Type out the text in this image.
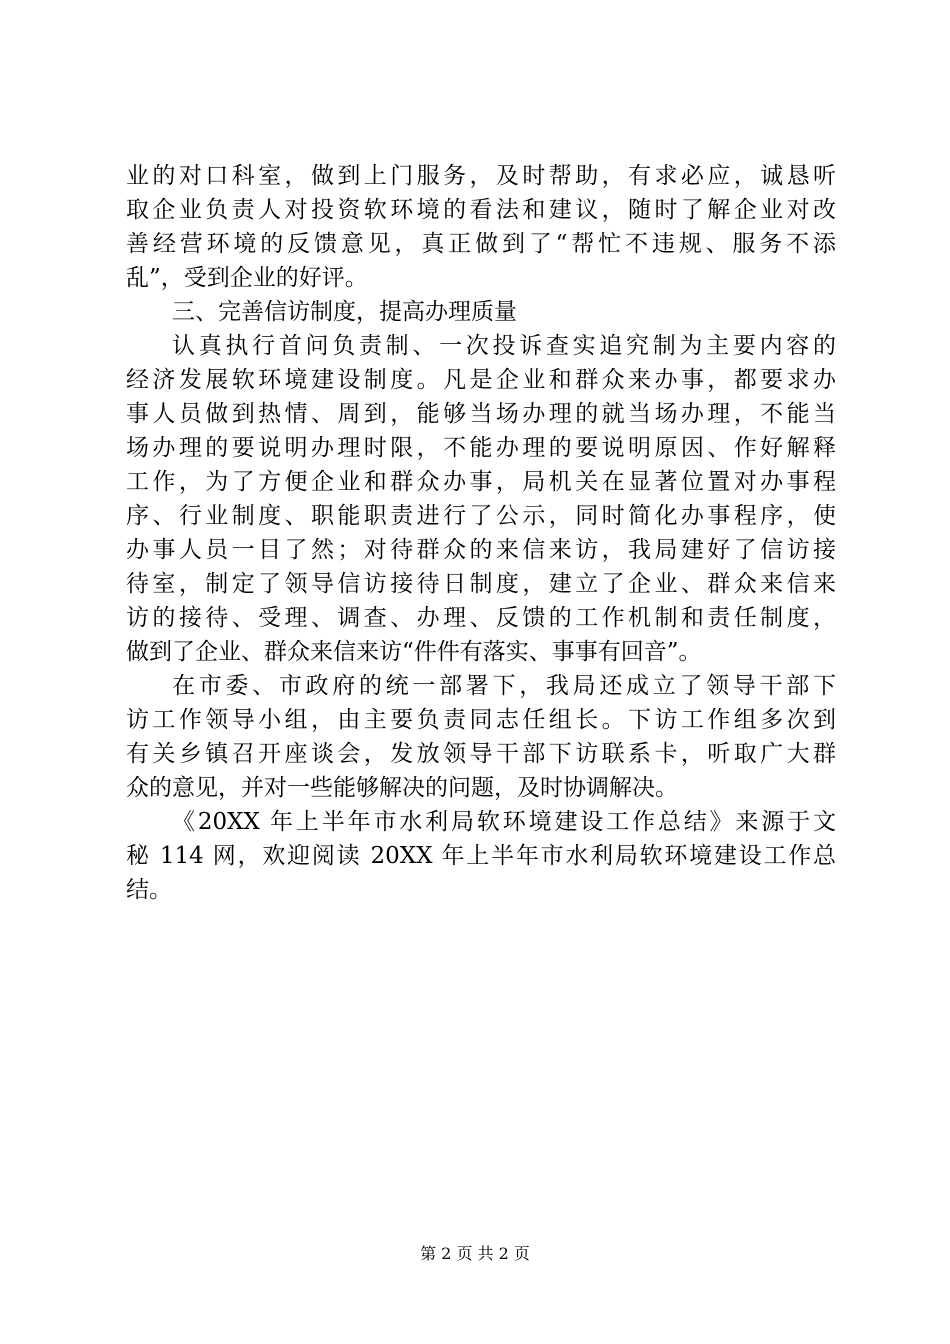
业的对口科室，做到上门服务，及时帮助，有求必应，诚恳听
取企业负责人对投资软环境的看法和建议，随时了解企业对改
善经营环境的反馈意见，真正做到了“帮忙不违规、服务不添
乱”，受到企业的好评。
三、完善信访制度，提高办理质量
认真执行首问负责制、一次投诉查实追究制为主要内容的
经济发展软环境建设制度。凡是企业和群众来办事，都要求办
事人员做到热情、周到，能够当场办理的就当场办理，不能当
场办理的要说明办理时限，不能办理的要说明原因、作好解释
工作，为了方便企业和群众办事，局机关在显著位置对办事程
序、行业制度、职能职责进行了公示，同时简化办事程序，使
办事人员一目了然；对待群众的来信来访，我局建好了信访接
待室，制定了领导信访接待日制度，建立了企业、群众来信来
访的接待、受理、调查、办理、反馈的工作机制和责任制度，
做到了企业、群众来信来访“件件有落实、事事有回音”。
在市委、市政府的统一部署下，我局还成立了领导干部下
访工作领导小组，由主要负责同志任组长。下访工作组多次到
有关乡镇召开座谈会，发放领导干部下访联系卡，听取广大群
众的意见，并对一些能够解决的问题，及时协调解决。
《20XX 年上半年市水利局软环境建设工作总结》来源于文
秘 114 网，欢迎阅读 20XX 年上半年市水利局软环境建设工作总
结。
第 2 页 共 2 页
